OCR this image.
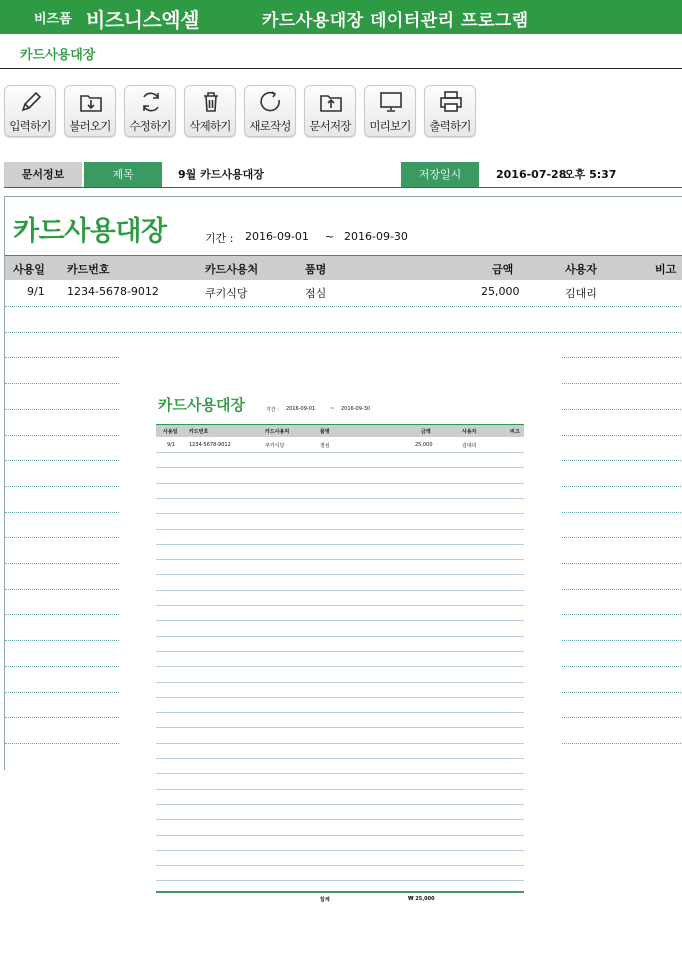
비즈폼 비즈니스엑셀	카드사용대장 데이터관리 프로그램
카드사용대장
입력하기	불러오기	수정하기	삭제하기	새로작성	문서저장	미리보기	출력하기
문서정보	제목	9월 카드사용대장	저장일시	2016-07-28
오후 5:37
카드사용대장	기간 : 2016-09-01 ~ 2016-09-30
사용일 카드번호	카드사용처	품명	금액	사용자	비고
9/1 1234-5678-9012	쿠키식당	점심	25,000	김대리
카드사용대장	기간 : 2016-09-01	~ 2016-09-30
사용일 카드번호	카드사용처	품명	금액	사용자	비고
9/1	1234-5678-9012	쿠키식당	점심	25,000	김대리
합계	₩ 25,000
